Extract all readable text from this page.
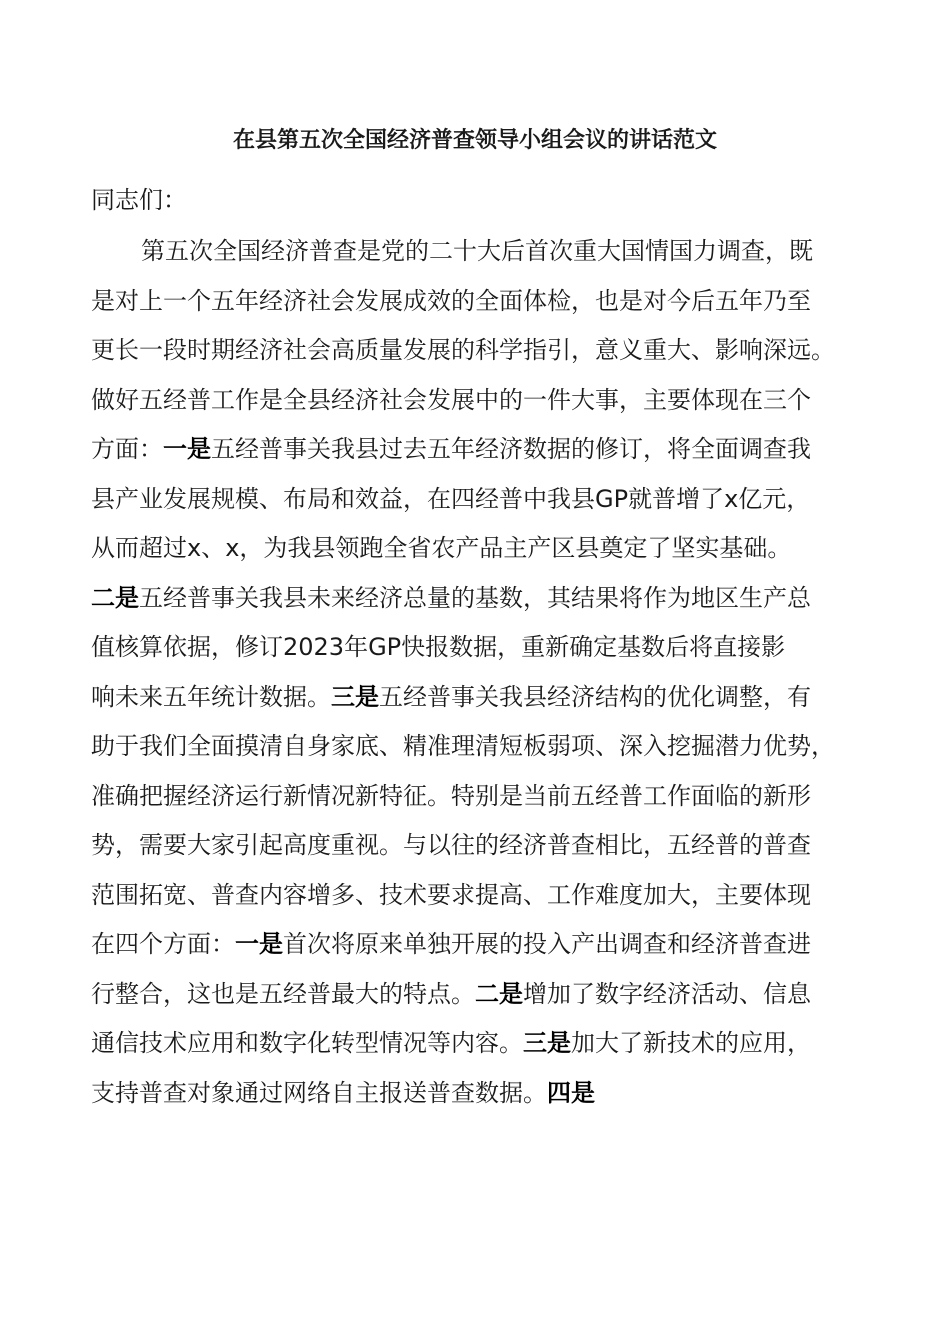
在县第五次全国经济普查领导小组会议的讲话范文

同志们：

第五次全国经济普查是党的二十大后首次重大国情国力调查，既
是对上一个五年经济社会发展成效的全面体检，也是对今后五年乃至
更长一段时期经济社会高质量发展的科学指引，意义重大、影响深远。
做好五经普工作是全县经济社会发展中的一件大事，主要体现在三个
方面：一是五经普事关我县过去五年经济数据的修订，将全面调查我
县产业发展规模、布局和效益，在四经普中我县GP就普增了x亿元，
从而超过x、x，为我县领跑全省农产品主产区县奠定了坚实基础。
二是五经普事关我县未来经济总量的基数，其结果将作为地区生产总
值核算依据，修订2023年GP快报数据，重新确定基数后将直接影
响未来五年统计数据。三是五经普事关我县经济结构的优化调整，有
助于我们全面摸清自身家底、精准理清短板弱项、深入挖掘潜力优势，
准确把握经济运行新情况新特征。特别是当前五经普工作面临的新形
势，需要大家引起高度重视。与以往的经济普查相比，五经普的普查
范围拓宽、普查内容增多、技术要求提高、工作难度加大，主要体现
在四个方面：一是首次将原来单独开展的投入产出调查和经济普查进
行整合，这也是五经普最大的特点。二是增加了数字经济活动、信息
通信技术应用和数字化转型情况等内容。三是加大了新技术的应用，
支持普查对象通过网络自主报送普查数据。四是
